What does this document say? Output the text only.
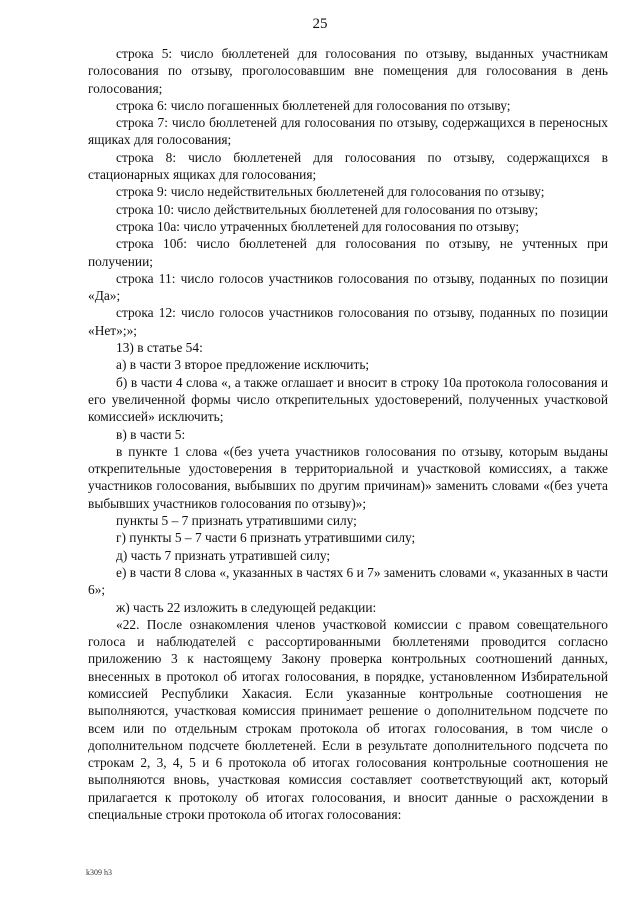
25

строка 5: число бюллетеней для голосования по отзыву, выданных участникам голосования по отзыву, проголосовавшим вне помещения для голосования в день голосования;

строка 6: число погашенных бюллетеней для голосования по отзыву;

строка 7: число бюллетеней для голосования по отзыву, содержащихся в переносных ящиках для голосования;

строка 8: число бюллетеней для голосования по отзыву, содержащихся в стационарных ящиках для голосования;

строка 9: число недействительных бюллетеней для голосования по отзыву;

строка 10: число действительных бюллетеней для голосования по отзыву;

строка 10а: число утраченных бюллетеней для голосования по отзыву;

строка 10б: число бюллетеней для голосования по отзыву, не учтенных при получении;

строка 11: число голосов участников голосования по отзыву, поданных по позиции «Да»;

строка 12: число голосов участников голосования по отзыву, поданных по позиции «Нет»;»;

13) в статье 54:

а) в части 3 второе предложение исключить;

б) в части 4 слова «, а также оглашает и вносит в строку 10а протокола голосования и его увеличенной формы число открепительных удостоверений, полученных участковой комиссией» исключить;

в) в части 5:

в пункте 1 слова «(без учета участников голосования по отзыву, которым выданы открепительные удостоверения в территориальной и участковой комиссиях, а также участников голосования, выбывших по другим причинам)» заменить словами «(без учета выбывших участников голосования по отзыву)»;

пункты 5 – 7 признать утратившими силу;

г) пункты 5 – 7 части 6 признать утратившими силу;

д) часть 7 признать утратившей силу;

е) в части 8 слова «, указанных в частях 6 и 7» заменить словами «, указанных в части 6»;

ж) часть 22 изложить в следующей редакции:

«22. После ознакомления членов участковой комиссии с правом совещательного голоса и наблюдателей с рассортированными бюллетенями проводится согласно приложению 3 к настоящему Закону проверка контрольных соотношений данных, внесенных в протокол об итогах голосования, в порядке, установленном Избирательной комиссией Республики Хакасия. Если указанные контрольные соотношения не выполняются, участковая комиссия принимает решение о дополнительном подсчете по всем или по отдельным строкам протокола об итогах голосования, в том числе о дополнительном подсчете бюллетеней. Если в результате дополнительного подсчета по строкам 2, 3, 4, 5 и 6 протокола об итогах голосования контрольные соотношения не выполняются вновь, участковая комиссия составляет соответствующий акт, который прилагается к протоколу об итогах голосования, и вносит данные о расхождении в специальные строки протокола об итогах голосования:

k309 h3
